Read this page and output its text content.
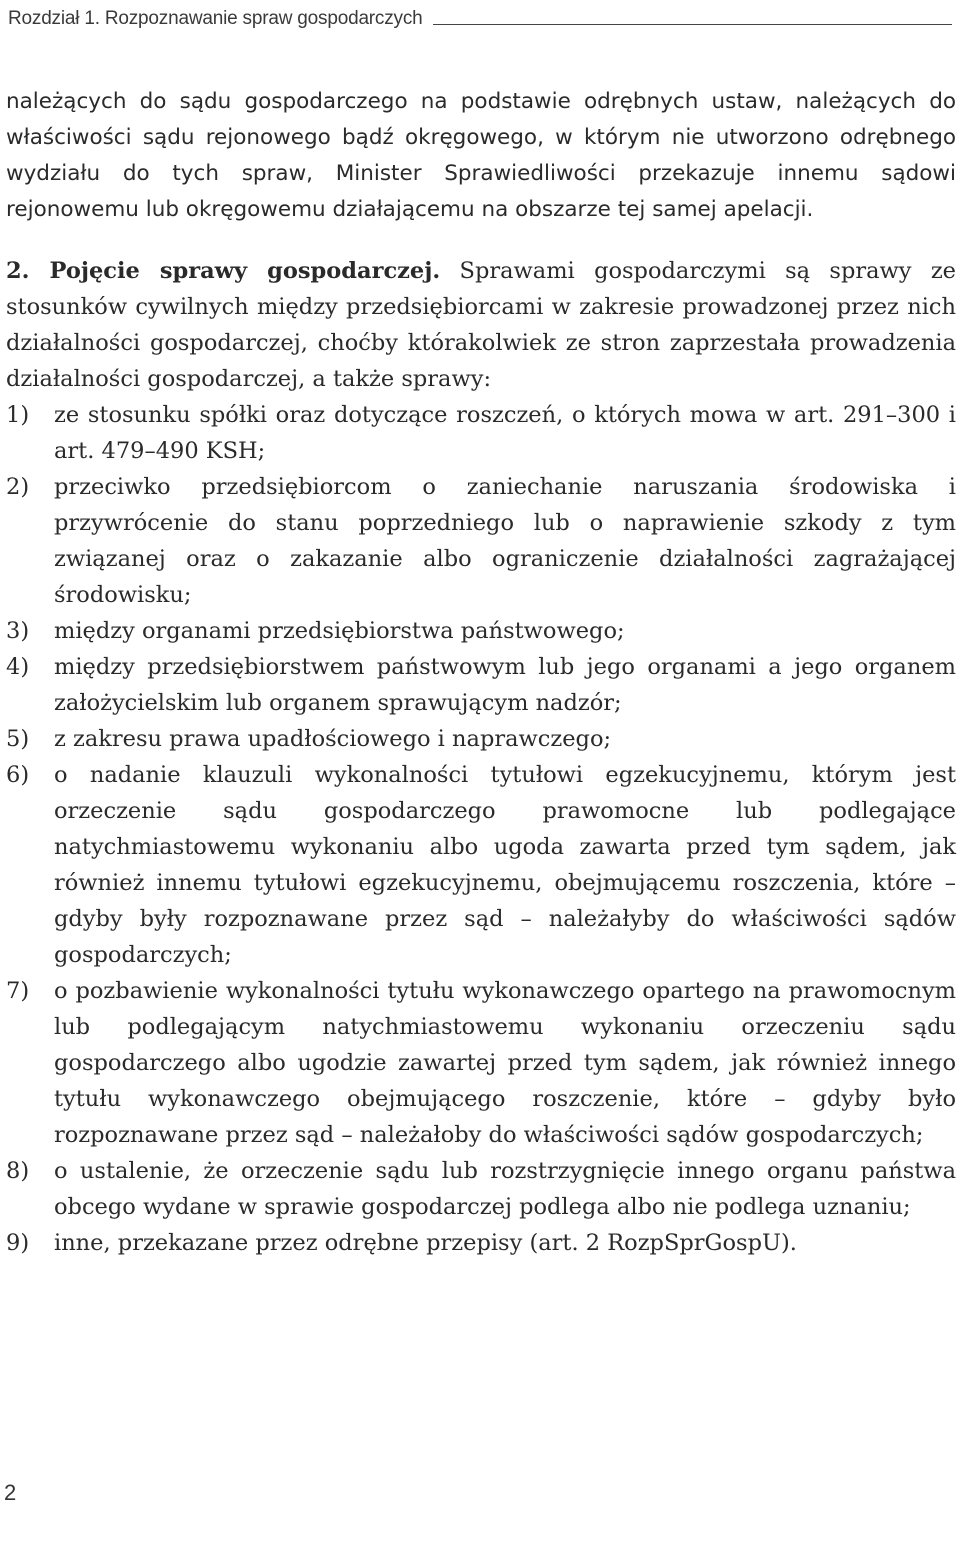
Rozdział 1. Rozpoznawanie spraw gospodarczych

należących do sądu gospodarczego na podstawie odrębnych ustaw, należących do właściwości sądu rejonowego bądź okręgowego, w którym nie utworzono odrębnego wydziału do tych spraw, Minister Sprawiedliwości przekazuje innemu sądowi rejonowemu lub okręgowemu działającemu na obszarze tej samej apelacji.

2. Pojęcie sprawy gospodarczej. Sprawami gospodarczymi są sprawy ze stosunków cywilnych między przedsiębiorcami w zakresie prowadzonej przez nich działalności gospodarczej, choćby którakolwiek ze stron zaprzestała prowadzenia działalności gospodarczej, a także sprawy:

1) ze stosunku spółki oraz dotyczące roszczeń, o których mowa w art. 291–300 i art. 479–490 KSH;
2) przeciwko przedsiębiorcom o zaniechanie naruszania środowiska i przywrócenie do stanu poprzedniego lub o naprawienie szkody z tym związanej oraz o zakazanie albo ograniczenie działalności zagrażającej środowisku;
3) między organami przedsiębiorstwa państwowego;
4) między przedsiębiorstwem państwowym lub jego organami a jego organem założycielskim lub organem sprawującym nadzór;
5) z zakresu prawa upadłościowego i naprawczego;
6) o nadanie klauzuli wykonalności tytułowi egzekucyjnemu, którym jest orzeczenie sądu gospodarczego prawomocne lub podlegające natychmiastowemu wykonaniu albo ugoda zawarta przed tym sądem, jak również innemu tytułowi egzekucyjnemu, obejmującemu roszczenia, które – gdyby były rozpoznawane przez sąd – należałyby do właściwości sądów gospodarczych;
7) o pozbawienie wykonalności tytułu wykonawczego opartego na prawomocnym lub podlegającym natychmiastowemu wykonaniu orzeczeniu sądu gospodarczego albo ugodzie zawartej przed tym sądem, jak również innego tytułu wykonawczego obejmującego roszczenie, które – gdyby było rozpoznawane przez sąd – należałoby do właściwości sądów gospodarczych;
8) o ustalenie, że orzeczenie sądu lub rozstrzygnięcie innego organu państwa obcego wydane w sprawie gospodarczej podlega albo nie podlega uznaniu;
9) inne, przekazane przez odrębne przepisy (art. 2 RozpSprGospU).
2
